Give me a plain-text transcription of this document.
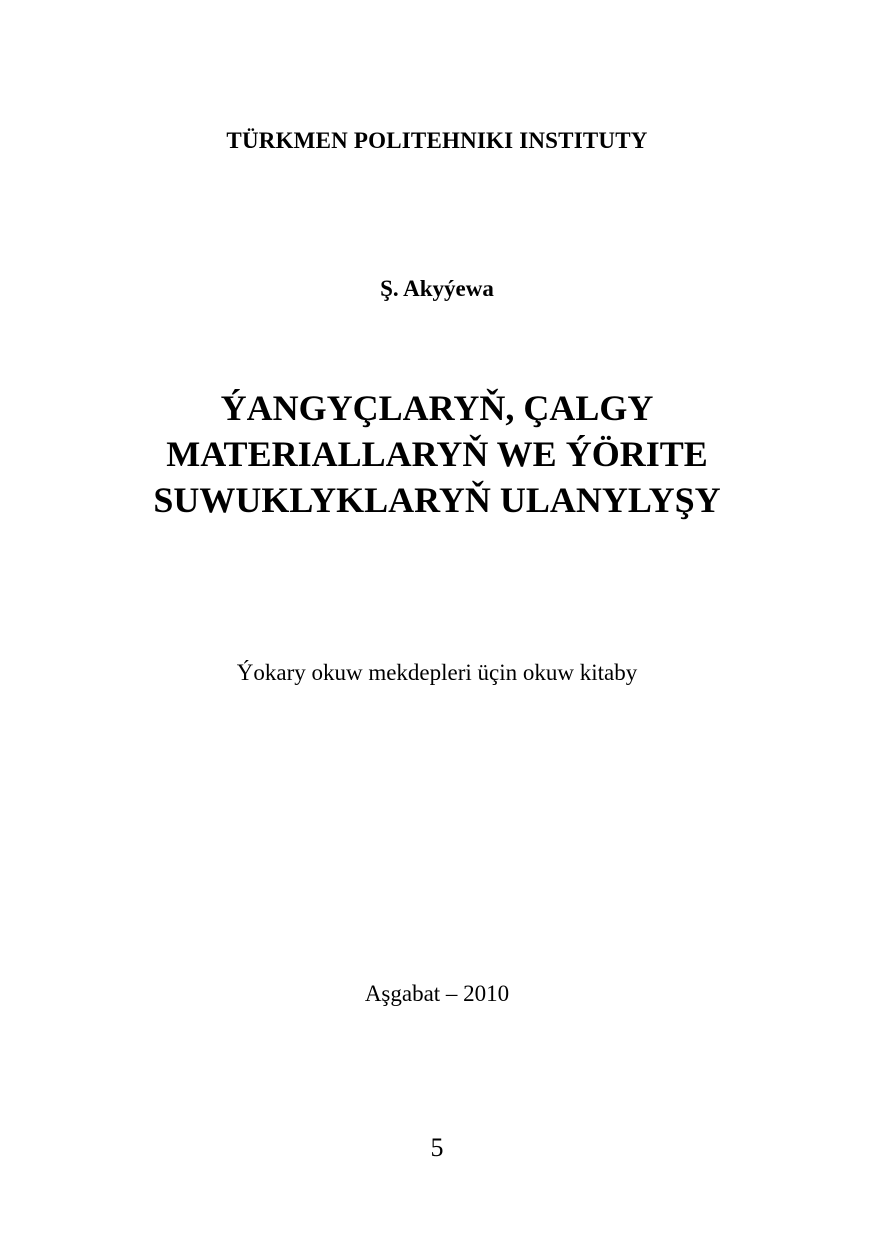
TÜRKMEN POLITEHNIKI INSTITUTY
Ş. Akyýewa
ÝANGYÇLARYŇ, ÇALGY
MATERIALLARYŇ WE ÝÖRITE
SUWUKLYKLARYŇ ULANYLYŞY
Ýokary okuw mekdepleri üçin okuw kitaby
Aşgabat – 2010
5
